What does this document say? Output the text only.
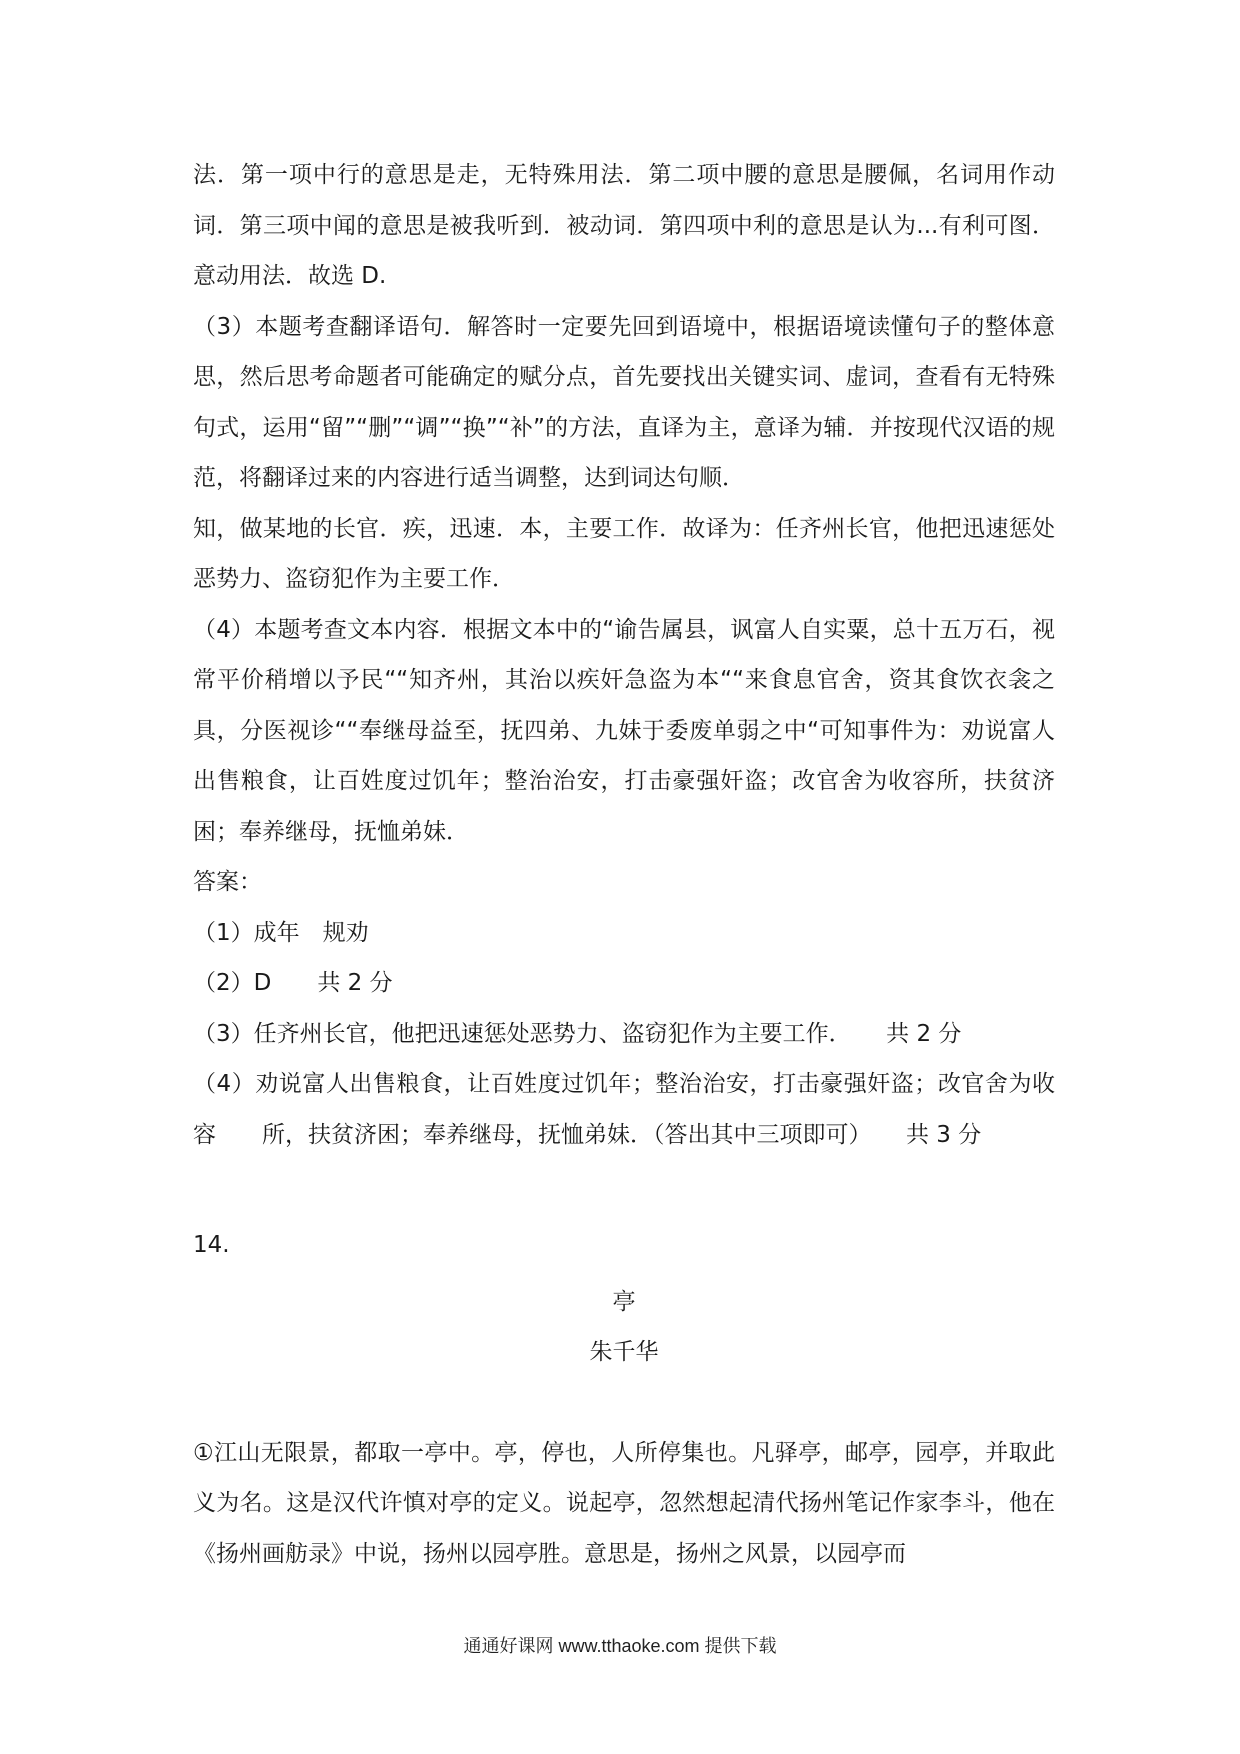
法．第一项中行的意思是走，无特殊用法．第二项中腰的意思是腰佩，名词用作动词．第三项中闻的意思是被我听到．被动词．第四项中利的意思是认为...有利可图．意动用法．故选 D.

（3）本题考查翻译语句．解答时一定要先回到语境中，根据语境读懂句子的整体意思，然后思考命题者可能确定的赋分点，首先要找出关键实词、虚词，查看有无特殊句式，运用“留”“删”“调”“换”“补”的方法，直译为主，意译为辅．并按现代汉语的规范，将翻译过来的内容进行适当调整，达到词达句顺．

知，做某地的长官．疾，迅速．本，主要工作．故译为：任齐州长官，他把迅速惩处恶势力、盗窃犯作为主要工作．

（4）本题考查文本内容．根据文本中的“谕告属县，讽富人自实粟，总十五万石，视常平价稍增以予民““知齐州，其治以疾奸急盗为本““来食息官舍，资其食饮衣衾之具，分医视诊““奉继母益至，抚四弟、九妹于委废单弱之中“可知事件为：劝说富人出售粮食，让百姓度过饥年；整治治安，打击豪强奸盗；改官舍为收容所，扶贫济困；奉养继母，抚恤弟妹．

答案：

（1）成年　规劝

（2）D　　共 2 分

（3）任齐州长官，他把迅速惩处恶势力、盗窃犯作为主要工作．　　共 2 分

（4）劝说富人出售粮食，让百姓度过饥年；整治治安，打击豪强奸盗；改官舍为收容　　所，扶贫济困；奉养继母，抚恤弟妹．（答出其中三项即可）　　共 3 分

14.

亭

朱千华

①江山无限景，都取一亭中。亭，停也，人所停集也。凡驿亭，邮亭，园亭，并取此义为名。这是汉代许慎对亭的定义。说起亭，忽然想起清代扬州笔记作家李斗，他在《扬州画舫录》中说，扬州以园亭胜。意思是，扬州之风景，以园亭而

通通好课网 www.tthaoke.com 提供下载
